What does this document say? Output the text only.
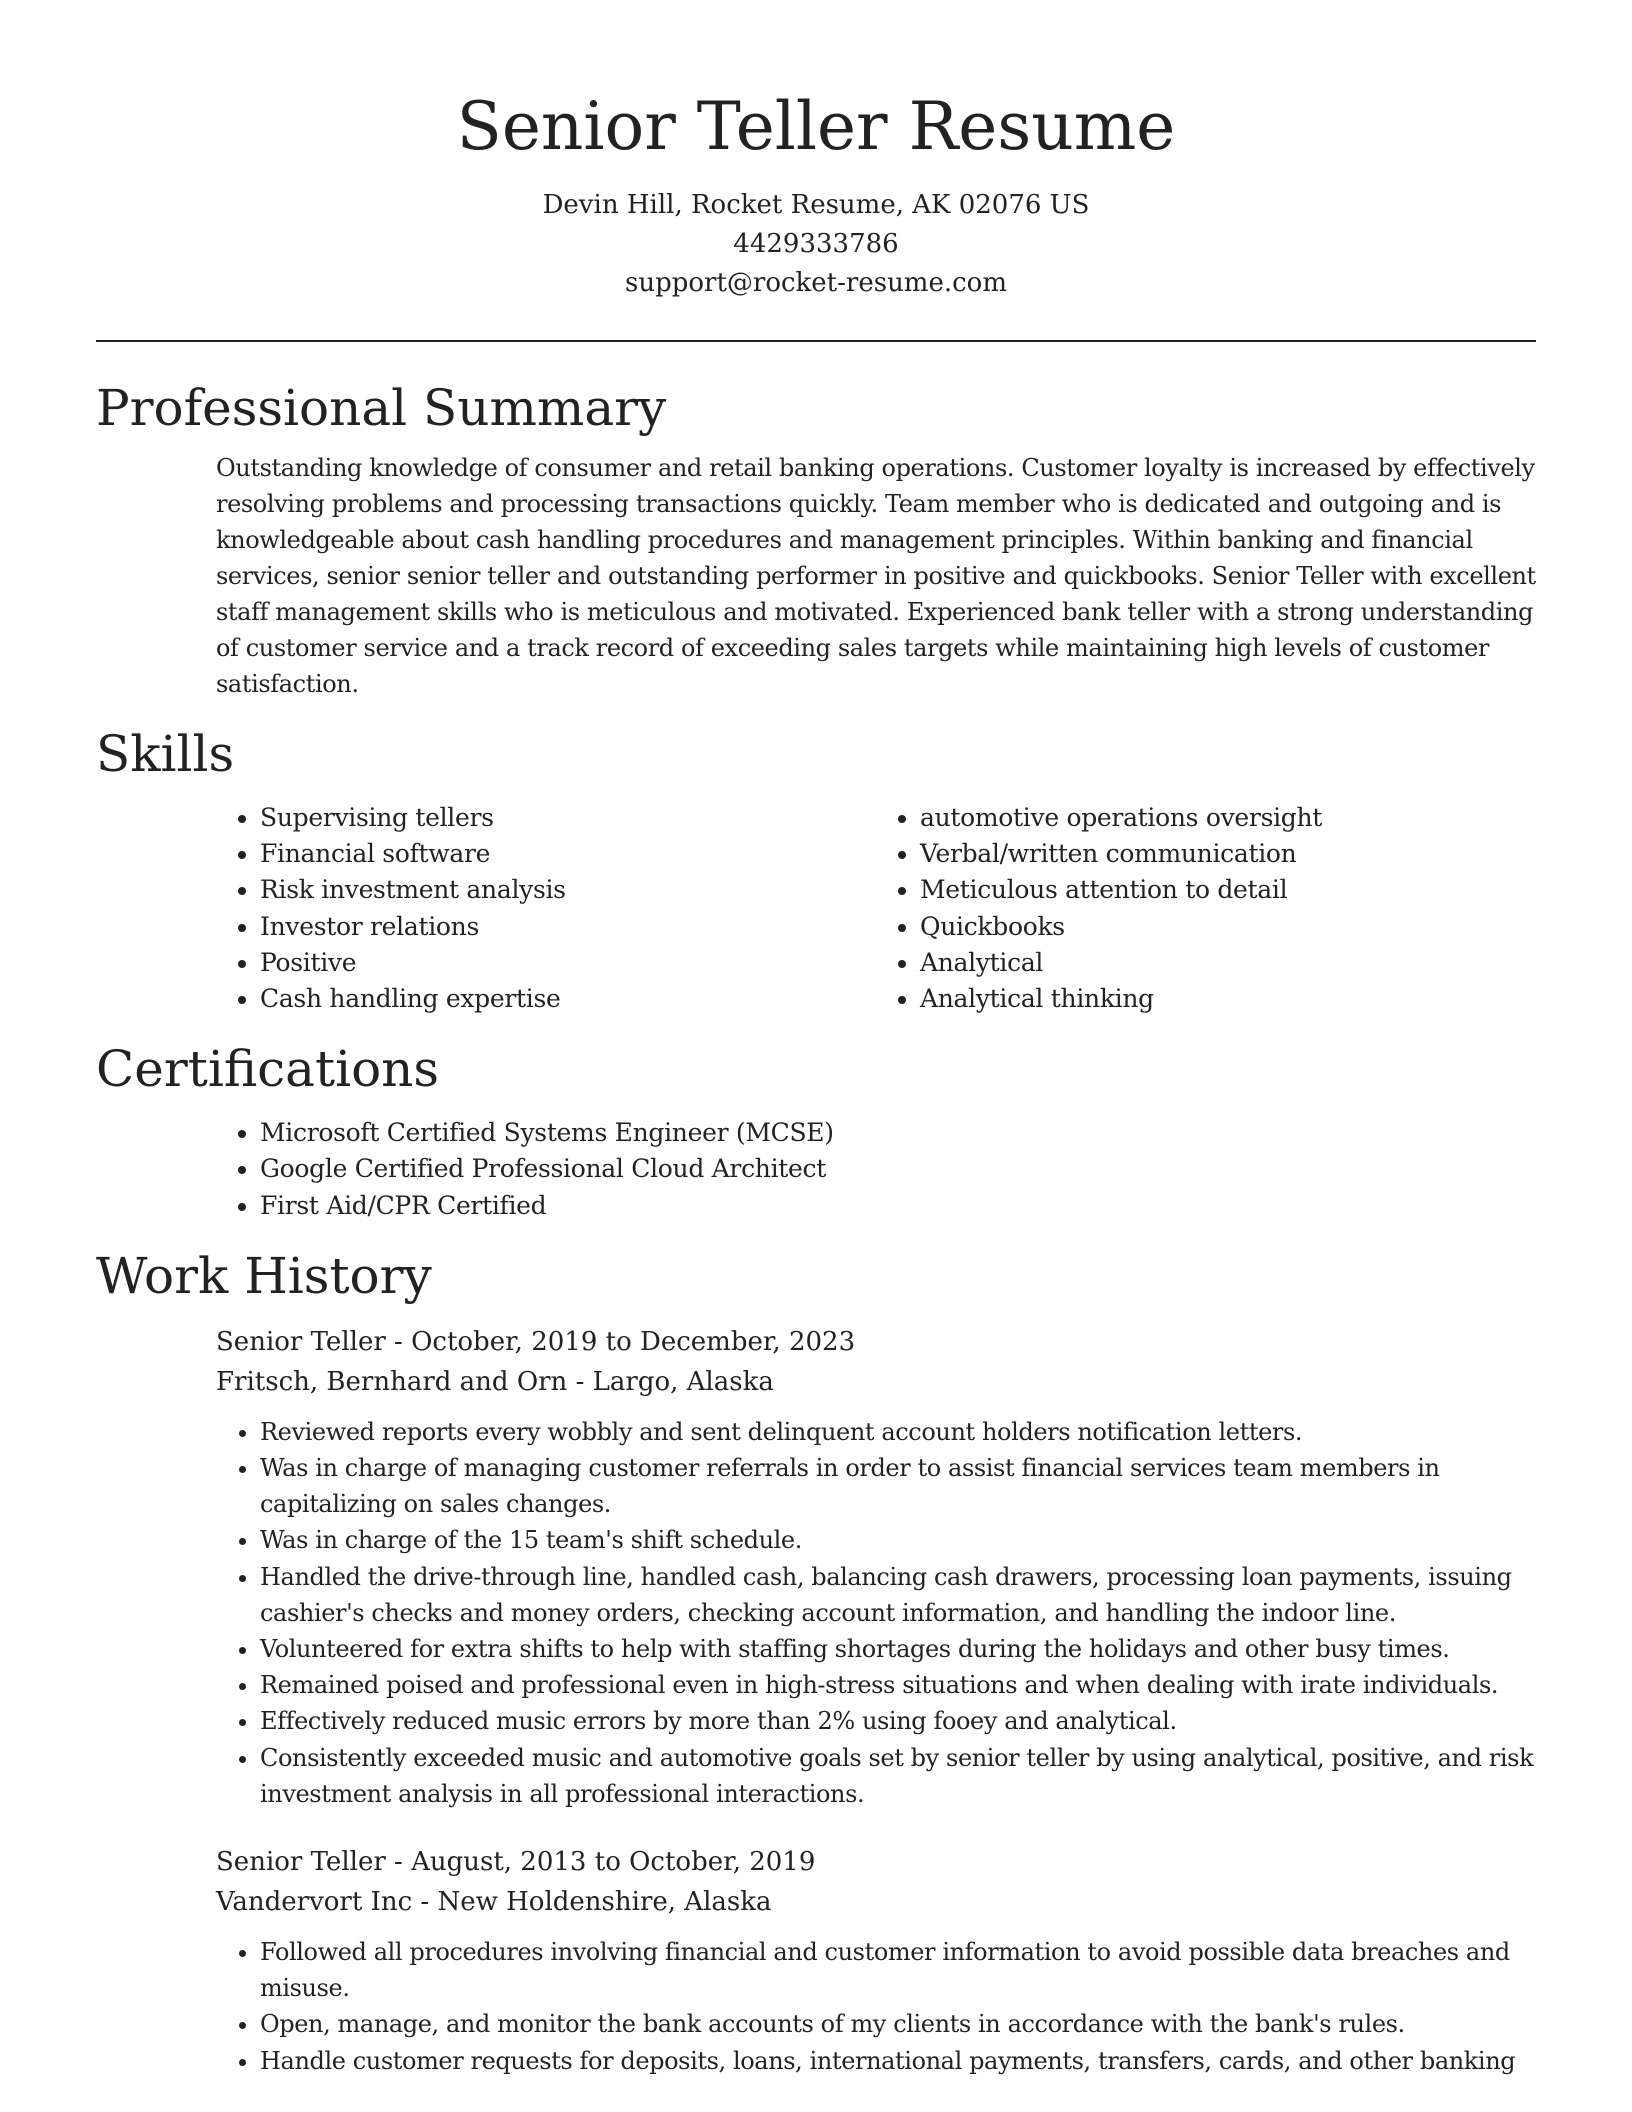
Senior Teller Resume
Devin Hill, Rocket Resume, AK 02076 US
4429333786
support@rocket-resume.com
Professional Summary

Outstanding knowledge of consumer and retail banking operations. Customer loyalty is increased by effectively resolving problems and processing transactions quickly. Team member who is dedicated and outgoing and is knowledgeable about cash handling procedures and management principles. Within banking and financial services, senior senior teller and outstanding performer in positive and quickbooks. Senior Teller with excellent staff management skills who is meticulous and motivated. Experienced bank teller with a strong understanding of customer service and a track record of exceeding sales targets while maintaining high levels of customer satisfaction.

Skills
• Supervising tellers
• Financial software
• Risk investment analysis
• Investor relations
• Positive
• Cash handling expertise
• automotive operations oversight
• Verbal/written communication
• Meticulous attention to detail
• Quickbooks
• Analytical
• Analytical thinking
Certifications
• Microsoft Certified Systems Engineer (MCSE)
• Google Certified Professional Cloud Architect
• First Aid/CPR Certified
Work History
Senior Teller - October, 2019 to December, 2023
Fritsch, Bernhard and Orn - Largo, Alaska
• Reviewed reports every wobbly and sent delinquent account holders notification letters.
• Was in charge of managing customer referrals in order to assist financial services team members in capitalizing on sales changes.
• Was in charge of the 15 team's shift schedule.
• Handled the drive-through line, handled cash, balancing cash drawers, processing loan payments, issuing cashier's checks and money orders, checking account information, and handling the indoor line.
• Volunteered for extra shifts to help with staffing shortages during the holidays and other busy times.
• Remained poised and professional even in high-stress situations and when dealing with irate individuals.
• Effectively reduced music errors by more than 2% using fooey and analytical.
• Consistently exceeded music and automotive goals set by senior teller by using analytical, positive, and risk investment analysis in all professional interactions.
Senior Teller - August, 2013 to October, 2019
Vandervort Inc - New Holdenshire, Alaska
• Followed all procedures involving financial and customer information to avoid possible data breaches and misuse.
• Open, manage, and monitor the bank accounts of my clients in accordance with the bank's rules.
• Handle customer requests for deposits, loans, international payments, transfers, cards, and other banking
